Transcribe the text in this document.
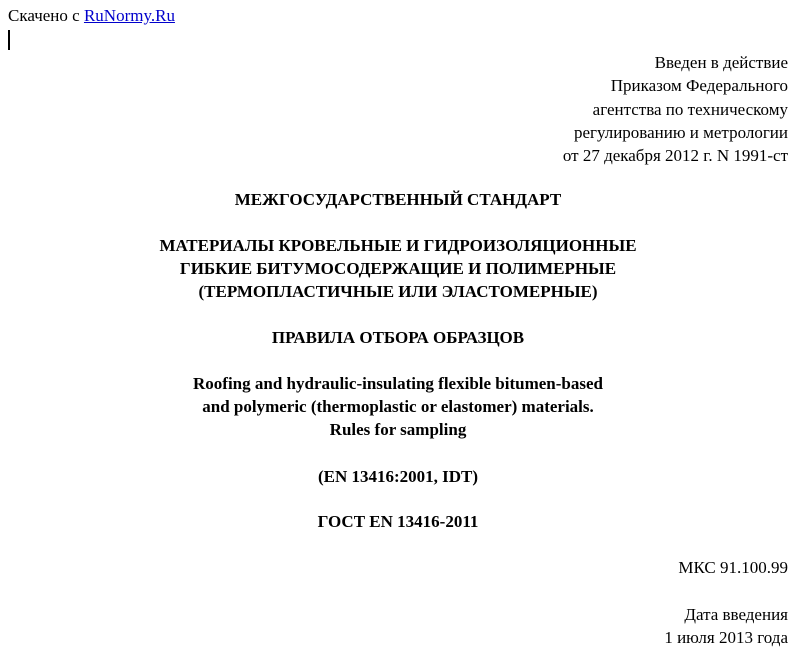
Скачено с RuNormy.Ru
Введен в действие
Приказом Федерального
агентства по техническому
регулированию и метрологии
от 27 декабря 2012 г. N 1991-ст
МЕЖГОСУДАРСТВЕННЫЙ СТАНДАРТ
МАТЕРИАЛЫ КРОВЕЛЬНЫЕ И ГИДРОИЗОЛЯЦИОННЫЕ
ГИБКИЕ БИТУМОСОДЕРЖАЩИЕ И ПОЛИМЕРНЫЕ
(ТЕРМОПЛАСТИЧНЫЕ ИЛИ ЭЛАСТОМЕРНЫЕ)
ПРАВИЛА ОТБОРА ОБРАЗЦОВ
Roofing and hydraulic-insulating flexible bitumen-based
and polymeric (thermoplastic or elastomer) materials.
Rules for sampling
(EN 13416:2001, IDT)
ГОСТ EN 13416-2011
МКС 91.100.99
Дата введения
1 июля 2013 года
